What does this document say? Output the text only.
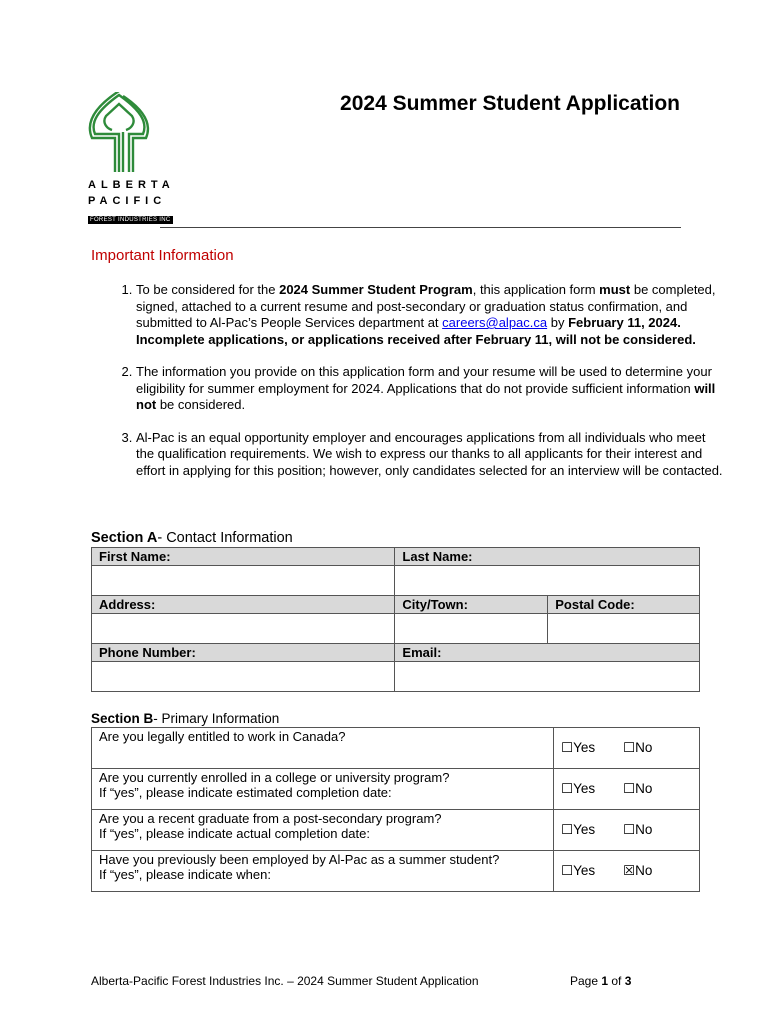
ALBERTA
PACIFIC
FOREST INDUSTRIES INC
2024 Summer Student Application
Important Information
1. To be considered for the 2024 Summer Student Program, this application form must be completed, signed, attached to a current resume and post-secondary or graduation status confirmation, and submitted to Al-Pac’s People Services department at careers@alpac.ca by February 11, 2024. Incomplete applications, or applications received after February 11, will not be considered.
2. The information you provide on this application form and your resume will be used to determine your eligibility for summer employment for 2024. Applications that do not provide sufficient information will not be considered.
3. Al-Pac is an equal opportunity employer and encourages applications from all individuals who meet the qualification requirements. We wish to express our thanks to all applicants for their interest and effort in applying for this position; however, only candidates selected for an interview will be contacted.
Section A- Contact Information
First Name:	Last Name:	

Address:	City/Town:	Postal Code:

Phone Number:	Email:	

Section B- Primary Information
Are you legally entitled to work in Canada?	☐Yes ☐No

Are you currently enrolled in a college or university program?
If “yes”, please indicate estimated completion date:	☐Yes ☐No

Are you a recent graduate from a post-secondary program?
If “yes”, please indicate actual completion date:	☐Yes ☐No

Have you previously been employed by Al-Pac as a summer student?
If “yes”, please indicate when:	☐Yes ☒No
Alberta-Pacific Forest Industries Inc. – 2024 Summer Student Application	Page 1 of 3
